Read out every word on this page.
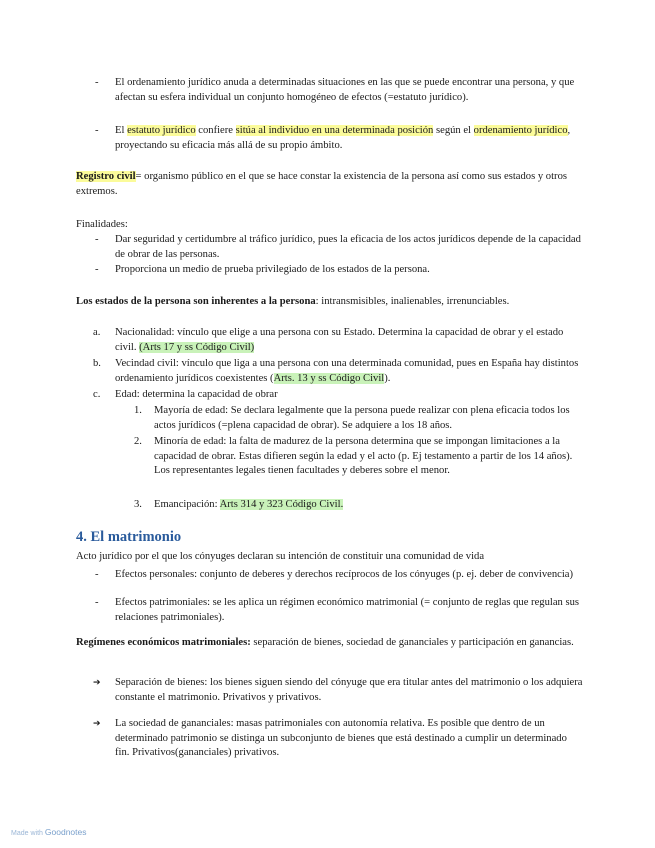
- El ordenamiento jurídico anuda a determinadas situaciones en las que se puede encontrar una persona, y que afectan su esfera individual un conjunto homogéneo de efectos (=estatuto jurídico).
- El estatuto jurídico confiere sitúa al individuo en una determinada posición según el ordenamiento jurídico, proyectando su eficacia más allá de su propio ámbito.
Registro civil= organismo público en el que se hace constar la existencia de la persona así como sus estados y otros extremos.
Finalidades:
- Dar seguridad y certidumbre al tráfico jurídico, pues la eficacia de los actos jurídicos depende de la capacidad de obrar de las personas.
- Proporciona un medio de prueba privilegiado de los estados de la persona.
Los estados de la persona son inherentes a la persona: intransmisibles, inalienables, irrenunciables.
a. Nacionalidad: vínculo que elige a una persona con su Estado. Determina la capacidad de obrar y el estado civil. (Arts 17 y ss Código Civil)
b. Vecindad civil: vínculo que liga a una persona con una determinada comunidad, pues en España hay distintos ordenamiento jurídicos coexistentes (Arts. 13 y ss Código Civil).
c. Edad: determina la capacidad de obrar
1. Mayoría de edad: Se declara legalmente que la persona puede realizar con plena eficacia todos los actos jurídicos (=plena capacidad de obrar). Se adquiere a los 18 años.
2. Minoría de edad: la falta de madurez de la persona determina que se impongan limitaciones a la capacidad de obrar. Estas difieren según la edad y el acto (p. Ej testamento a partir de los 14 años). Los representantes legales tienen facultades y deberes sobre el menor.
3. Emancipación: Arts 314 y 323 Código Civil.
4. El matrimonio
Acto jurídico por el que los cónyuges declaran su intención de constituir una comunidad de vida
- Efectos personales: conjunto de deberes y derechos recíprocos de los cónyuges (p. ej. deber de convivencia)
- Efectos patrimoniales: se les aplica un régimen económico matrimonial (= conjunto de reglas que regulan sus relaciones patrimoniales).
Regímenes económicos matrimoniales: separación de bienes, sociedad de gananciales y participación en ganancias.
➔ Separación de bienes: los bienes siguen siendo del cónyuge que era titular antes del matrimonio o los adquiera constante el matrimonio. Privativos y privativos.
➔ La sociedad de gananciales: masas patrimoniales con autonomía relativa. Es posible que dentro de un determinado patrimonio se distinga un subconjunto de bienes que está destinado a cumplir un determinado fin. Privativos(gananciales) privativos.
Made with Goodnotes
